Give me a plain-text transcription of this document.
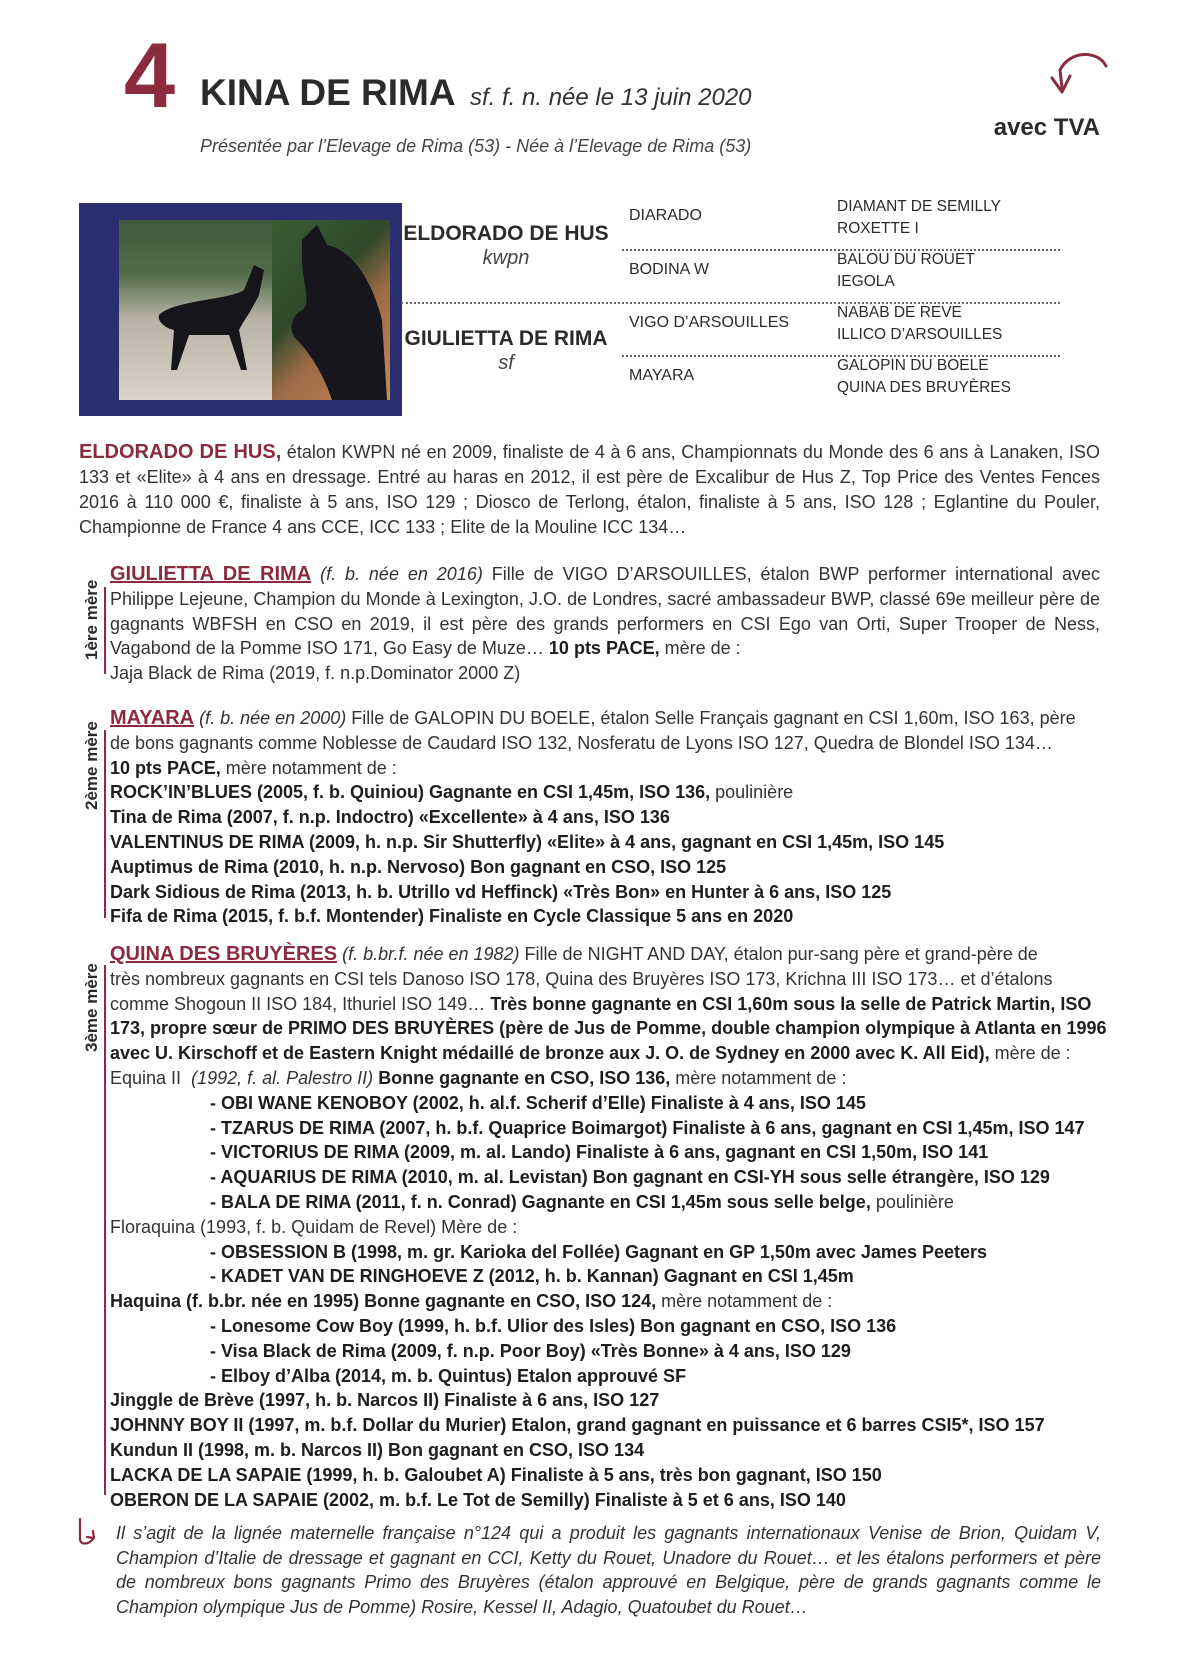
4 KINA DE RIMA sf. f. n. née le 13 juin 2020
Présentée par l’Elevage de Rima (53) - Née à l’Elevage de Rima (53)
avec TVA
ELDORADO DE HUS
kwpn
GIULIETTA DE RIMA
sf
DIARADO
BODINA W
VIGO D’ARSOUILLES
MAYARA
DIAMANT DE SEMILLY
ROXETTE I
BALOU DU ROUET
IEGOLA
NABAB DE REVE
ILLICO D’ARSOUILLES
GALOPIN DU BOELE
QUINA DES BRUYÈRES
ELDORADO DE HUS, étalon KWPN né en 2009, finaliste de 4 à 6 ans, Championnats du Monde des 6 ans à Lanaken, ISO 133 et «Elite» à 4 ans en dressage. Entré au haras en 2012, il est père de Excalibur de Hus Z, Top Price des Ventes Fences 2016 à 110 000 €, finaliste à 5 ans, ISO 129 ; Diosco de Terlong, étalon, finaliste à 5 ans, ISO 128 ; Eglantine du Pouler, Championne de France 4 ans CCE, ICC 133 ; Elite de la Mouline ICC 134…
1ère mère
GIULIETTA DE RIMA (f. b. née en 2016) Fille de VIGO D’ARSOUILLES, étalon BWP performer international avec Philippe Lejeune, Champion du Monde à Lexington, J.O. de Londres, sacré ambassadeur BWP, classé 69e meilleur père de gagnants WBFSH en CSO en 2019, il est père des grands performers en CSI Ego van Orti, Super Trooper de Ness, Vagabond de la Pomme ISO 171, Go Easy de Muze… 10 pts PACE, mère de :
Jaja Black de Rima (2019, f. n.p.Dominator 2000 Z)
2ème mère
MAYARA (f. b. née en 2000) Fille de GALOPIN DU BOELE, étalon Selle Français gagnant en CSI 1,60m, ISO 163, père
de bons gagnants comme Noblesse de Caudard ISO 132, Nosferatu de Lyons ISO 127, Quedra de Blondel ISO 134…
10 pts PACE, mère notamment de :
ROCK’IN’BLUES (2005, f. b. Quiniou) Gagnante en CSI 1,45m, ISO 136, poulinière
Tina de Rima (2007, f. n.p. Indoctro) «Excellente» à 4 ans, ISO 136
VALENTINUS DE RIMA (2009, h. n.p. Sir Shutterfly) «Elite» à 4 ans, gagnant en CSI 1,45m, ISO 145
Auptimus de Rima (2010, h. n.p. Nervoso) Bon gagnant en CSO, ISO 125
Dark Sidious de Rima (2013, h. b. Utrillo vd Heffinck) «Très Bon» en Hunter à 6 ans, ISO 125
Fifa de Rima (2015, f. b.f. Montender) Finaliste en Cycle Classique 5 ans en 2020
3ème mère
QUINA DES BRUYÈRES (f. b.br.f. née en 1982) Fille de NIGHT AND DAY, étalon pur-sang père et grand-père de
très nombreux gagnants en CSI tels Danoso ISO 178, Quina des Bruyères ISO 173, Krichna III ISO 173… et d’étalons
comme Shogoun II ISO 184, Ithuriel ISO 149… Très bonne gagnante en CSI 1,60m sous la selle de Patrick Martin, ISO
173, propre sœur de PRIMO DES BRUYÈRES (père de Jus de Pomme, double champion olympique à Atlanta en 1996
avec U. Kirschoff et de Eastern Knight médaillé de bronze aux J. O. de Sydney en 2000 avec K. All Eid), mère de :
Equina II (1992, f. al. Palestro II) Bonne gagnante en CSO, ISO 136, mère notamment de :
- OBI WANE KENOBOY (2002, h. al.f. Scherif d’Elle) Finaliste à 4 ans, ISO 145
- TZARUS DE RIMA (2007, h. b.f. Quaprice Boimargot) Finaliste à 6 ans, gagnant en CSI 1,45m, ISO 147
- VICTORIUS DE RIMA (2009, m. al. Lando) Finaliste à 6 ans, gagnant en CSI 1,50m, ISO 141
- AQUARIUS DE RIMA (2010, m. al. Levistan) Bon gagnant en CSI-YH sous selle étrangère, ISO 129
- BALA DE RIMA (2011, f. n. Conrad) Gagnante en CSI 1,45m sous selle belge, poulinière
Floraquina (1993, f. b. Quidam de Revel) Mère de :
- OBSESSION B (1998, m. gr. Karioka del Follée) Gagnant en GP 1,50m avec James Peeters
- KADET VAN DE RINGHOEVE Z (2012, h. b. Kannan) Gagnant en CSI 1,45m
Haquina (f. b.br. née en 1995) Bonne gagnante en CSO, ISO 124, mère notamment de :
- Lonesome Cow Boy (1999, h. b.f. Ulior des Isles) Bon gagnant en CSO, ISO 136
- Visa Black de Rima (2009, f. n.p. Poor Boy) «Très Bonne» à 4 ans, ISO 129
- Elboy d’Alba (2014, m. b. Quintus) Etalon approuvé SF
Jinggle de Brève (1997, h. b. Narcos II) Finaliste à 6 ans, ISO 127
JOHNNY BOY II (1997, m. b.f. Dollar du Murier) Etalon, grand gagnant en puissance et 6 barres CSI5*, ISO 157
Kundun II (1998, m. b. Narcos II) Bon gagnant en CSO, ISO 134
LACKA DE LA SAPAIE (1999, h. b. Galoubet A) Finaliste à 5 ans, très bon gagnant, ISO 150
OBERON DE LA SAPAIE (2002, m. b.f. Le Tot de Semilly) Finaliste à 5 et 6 ans, ISO 140
Il s’agit de la lignée maternelle française n°124 qui a produit les gagnants internationaux Venise de Brion, Quidam V, Champion d’Italie de dressage et gagnant en CCI, Ketty du Rouet, Unadore du Rouet… et les étalons performers et père de nombreux bons gagnants Primo des Bruyères (étalon approuvé en Belgique, père de grands gagnants comme le Champion olympique Jus de Pomme) Rosire, Kessel II, Adagio, Quatoubet du Rouet…
